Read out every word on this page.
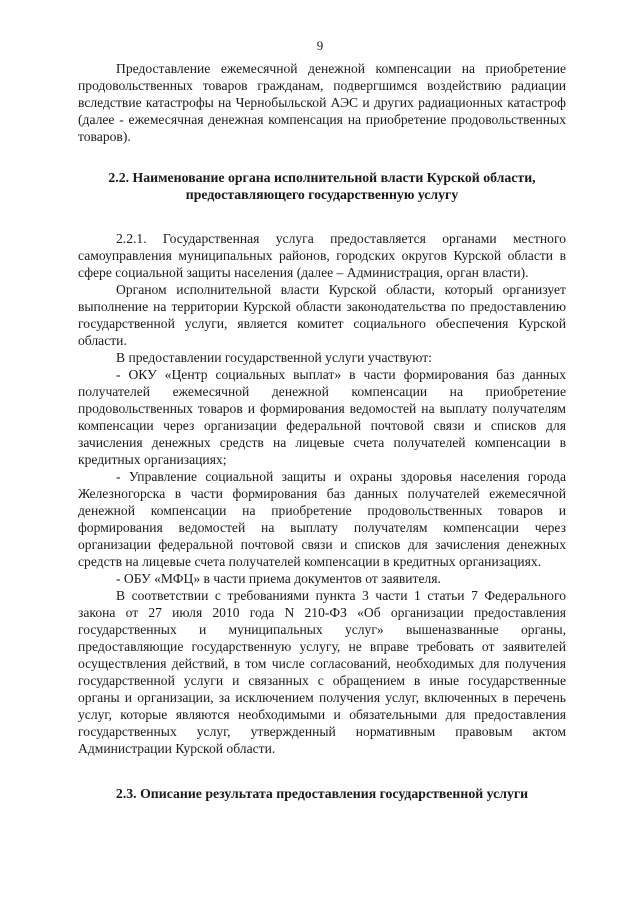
9

Предоставление ежемесячной денежной компенсации на приобретение продовольственных товаров гражданам, подвергшимся воздействию радиации вследствие катастрофы на Чернобыльской АЭС и других радиационных катастроф (далее - ежемесячная денежная компенсация на приобретение продовольственных товаров).

2.2. Наименование органа исполнительной власти Курской области, предоставляющего государственную услугу

2.2.1. Государственная услуга предоставляется органами местного самоуправления муниципальных районов, городских округов Курской области в сфере социальной защиты населения (далее – Администрация, орган власти).

Органом исполнительной власти Курской области, который организует выполнение на территории Курской области законодательства по предоставлению государственной услуги, является комитет социального обеспечения Курской области.

В предоставлении государственной услуги участвуют:

- ОКУ «Центр социальных выплат» в части формирования баз данных получателей ежемесячной денежной компенсации на приобретение продовольственных товаров и формирования ведомостей на выплату получателям компенсации через организации федеральной почтовой связи и списков для зачисления денежных средств на лицевые счета получателей компенсации в кредитных организациях;

- Управление социальной защиты и охраны здоровья населения города Железногорска в части формирования баз данных получателей ежемесячной денежной компенсации на приобретение продовольственных товаров и формирования ведомостей на выплату получателям компенсации через организации федеральной почтовой связи и списков для зачисления денежных средств на лицевые счета получателей компенсации в кредитных организациях.

- ОБУ «МФЦ» в части приема документов от заявителя.

В соответствии с требованиями пункта 3 части 1 статьи 7 Федерального закона от 27 июля 2010 года N 210-ФЗ «Об организации предоставления государственных и муниципальных услуг» вышеназванные органы, предоставляющие государственную услугу, не вправе требовать от заявителей осуществления действий, в том числе согласований, необходимых для получения государственной услуги и связанных с обращением в иные государственные органы и организации, за исключением получения услуг, включенных в перечень услуг, которые являются необходимыми и обязательными для предоставления государственных услуг, утвержденный нормативным правовым актом Администрации Курской области.

2.3. Описание результата предоставления государственной услуги
